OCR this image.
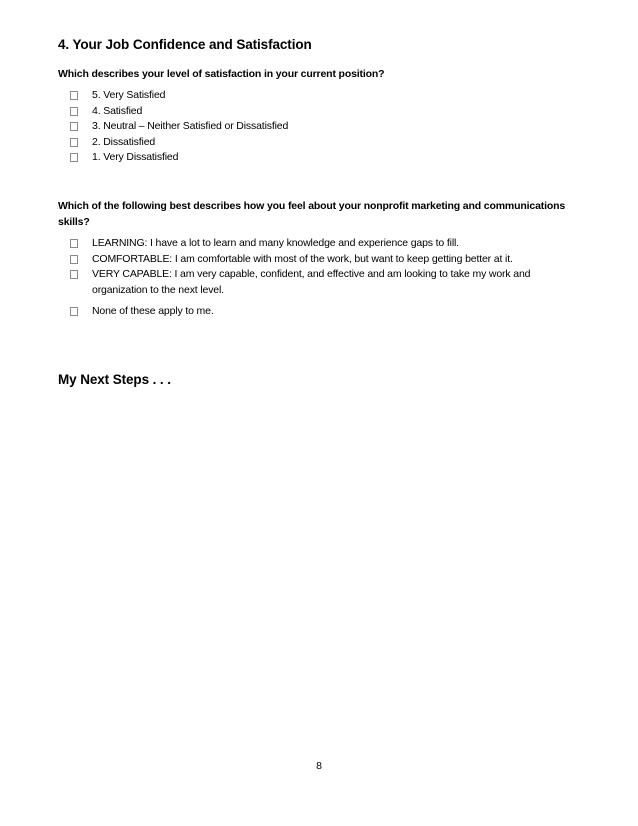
4. Your Job Confidence and Satisfaction

Which describes your level of satisfaction in your current position?

5. Very Satisfied
4. Satisfied
3. Neutral – Neither Satisfied or Dissatisfied
2. Dissatisfied
1. Very Dissatisfied

Which of the following best describes how you feel about your nonprofit marketing and communications skills?

LEARNING: I have a lot to learn and many knowledge and experience gaps to fill.
COMFORTABLE: I am comfortable with most of the work, but want to keep getting better at it.
VERY CAPABLE: I am very capable, confident, and effective and am looking to take my work and organization to the next level.
None of these apply to me.
My Next Steps . . .
8
